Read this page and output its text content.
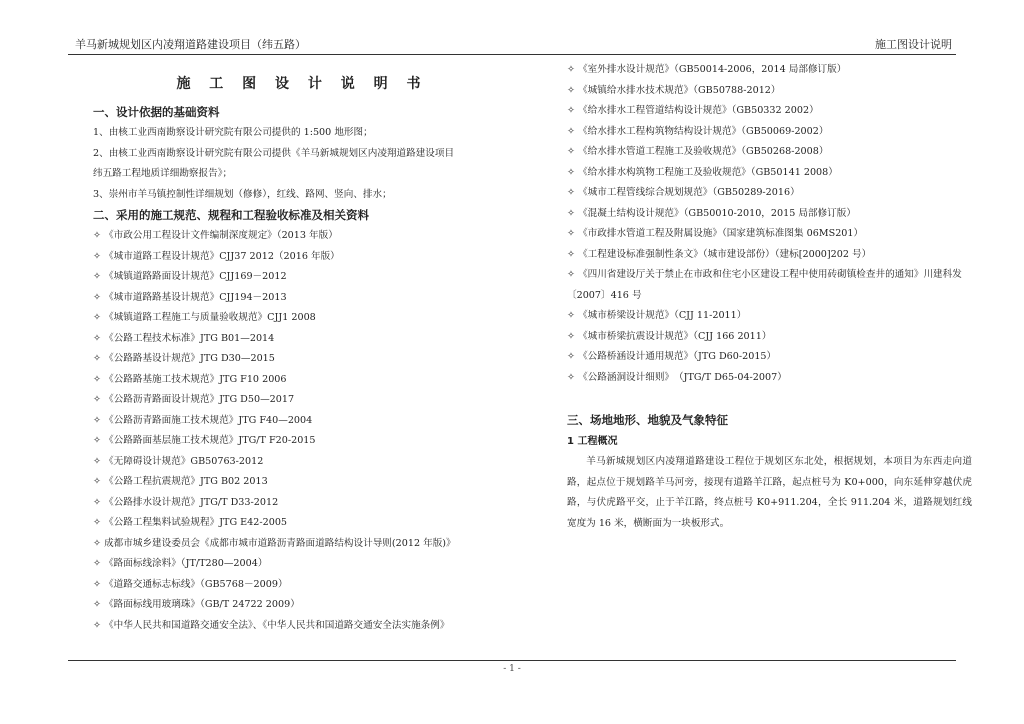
羊马新城规划区内凌翔道路建设项目（纬五路）	施工图设计说明
施 工 图 设 计 说 明 书
一、设计依据的基础资料
1、由核工业西南勘察设计研究院有限公司提供的 1:500 地形图；
2、由核工业西南勘察设计研究院有限公司提供《羊马新城规划区内凌翔道路建设项目
纬五路工程地质详细勘察报告》；
3、崇州市羊马镇控制性详细规划（修修），红线、路网、竖向、排水；
二、采用的施工规范、规程和工程验收标准及相关资料
✧ 《市政公用工程设计文件编制深度规定》（2013 年版）
✧ 《城市道路工程设计规范》CJJ37 2012（2016 年版）
✧ 《城镇道路路面设计规范》CJJ169－2012
✧ 《城市道路路基设计规范》CJJ194－2013
✧ 《城镇道路工程施工与质量验收规范》CJJ1 2008
✧ 《公路工程技术标准》JTG B01—2014
✧ 《公路路基设计规范》JTG D30—2015
✧ 《公路路基施工技术规范》JTG F10 2006
✧ 《公路沥青路面设计规范》JTG D50—2017
✧ 《公路沥青路面施工技术规范》JTG F40—2004
✧ 《公路路面基层施工技术规范》JTG/T F20-2015
✧ 《无障碍设计规范》GB50763-2012
✧ 《公路工程抗震规范》JTG B02 2013
✧ 《公路排水设计规范》JTG/T D33-2012
✧ 《公路工程集料试验规程》JTG E42-2005
✧ 成都市城乡建设委员会《成都市城市道路沥青路面道路结构设计导则(2012 年版)》
✧ 《路面标线涂料》（JT/T280—2004）
✧ 《道路交通标志标线》（GB5768－2009）
✧ 《路面标线用玻璃珠》（GB/T 24722 2009）
✧ 《中华人民共和国道路交通安全法》、《中华人民共和国道路交通安全法实施条例》
✧ 《室外排水设计规范》（GB50014-2006，2014 局部修订版）
✧ 《城镇给水排水技术规范》（GB50788-2012）
✧ 《给水排水工程管道结构设计规范》（GB50332 2002）
✧ 《给水排水工程构筑物结构设计规范》（GB50069-2002）
✧ 《给水排水管道工程施工及验收规范》（GB50268-2008）
✧ 《给水排水构筑物工程施工及验收规范》（GB50141 2008）
✧ 《城市工程管线综合规划规范》（GB50289-2016）
✧ 《混凝土结构设计规范》（GB50010-2010，2015 局部修订版）
✧ 《市政排水管道工程及附属设施》（国家建筑标准图集 06MS201）
✧ 《工程建设标准强制性条文》（城市建设部份）（建标[2000]202 号）
✧ 《四川省建设厅关于禁止在市政和住宅小区建设工程中使用砖砌镇检查井的通知》川建科发〔2007〕416 号
✧ 《城市桥梁设计规范》（CJJ 11-2011）
✧ 《城市桥梁抗震设计规范》（CJJ 166 2011）
✧ 《公路桥涵设计通用规范》（JTG D60-2015）
✧ 《公路涵洞设计细则》　（JTG/T D65-04-2007）
三、场地地形、地貌及气象特征
1 工程概况
羊马新城规划区内凌翔道路建设工程位于规划区东北处，根据规划，本项目为东西走向道路，起点位于规划路羊马河旁，接现有道路羊江路，起点桩号为 K0+000，向东延伸穿越伏虎路，与伏虎路平交，止于羊江路，终点桩号 K0+911.204，全长 911.204 米，道路规划红线宽度为 16 米，横断面为一块板形式。
- 1 -
